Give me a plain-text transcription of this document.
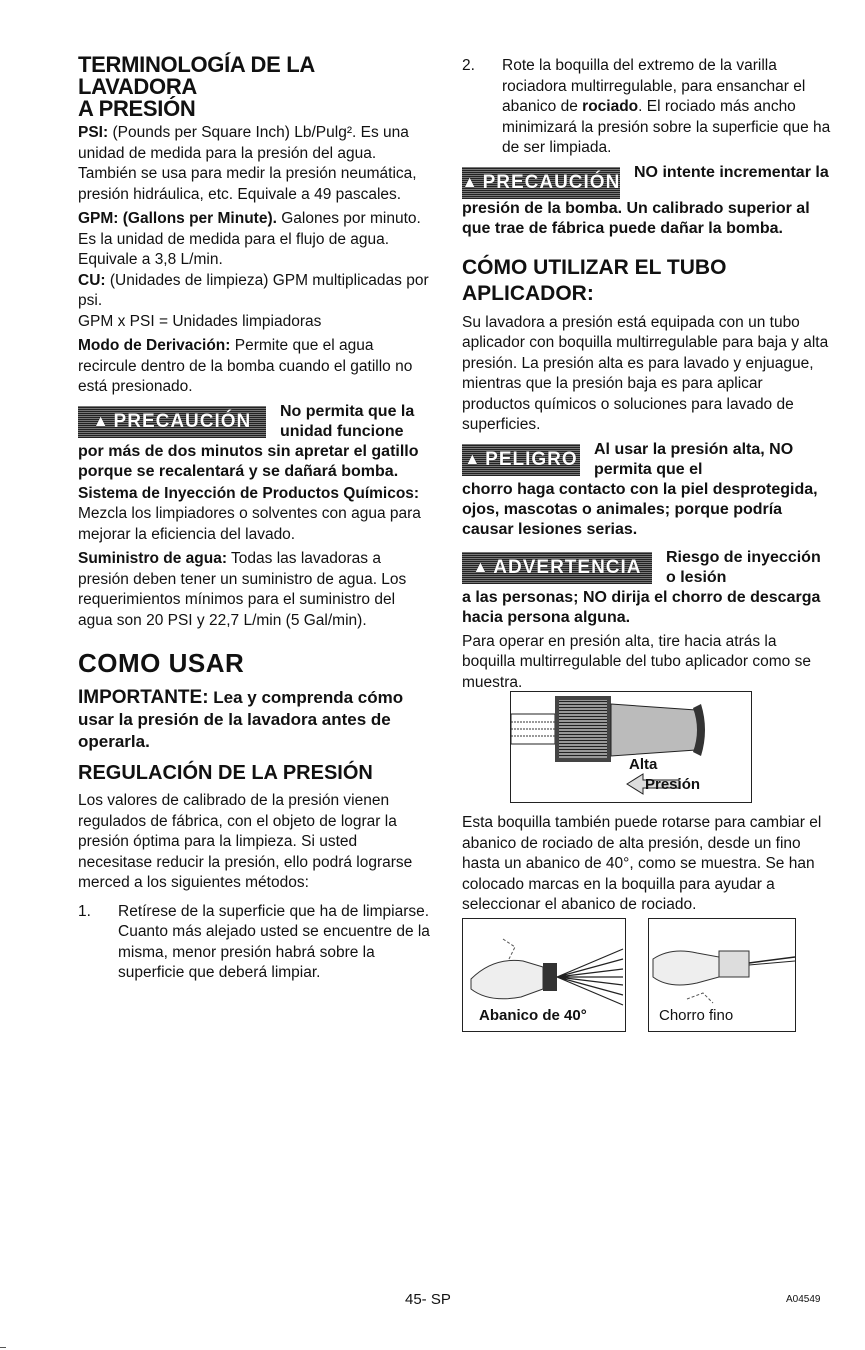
TERMINOLOGÍA DE LA LAVADORA
A PRESIÓN

PSI: (Pounds per Square Inch) Lb/Pulg². Es una unidad de medida para la presión del agua. También se usa para medir la presión neumática, presión hidráulica, etc. Equivale a 49 pascales.

GPM: (Gallons per Minute). Galones por minuto. Es la unidad de medida para el flujo de agua. Equivale a 3,8 L/min.

CU: (Unidades de limpieza) GPM multiplicadas por psi.

GPM x PSI = Unidades limpiadoras

Modo de Derivación: Permite que el agua recircule dentro de la bomba cuando el gatillo no está presionado.

▲ PRECAUCIÓN No permita que la unidad funcione
por más de dos minutos sin apretar el gatillo porque se recalentará y se dañará bomba.

Sistema de Inyección de Productos Químicos: Mezcla los limpiadores o solventes con agua para mejorar la eficiencia del lavado.

Suministro de agua: Todas las lavadoras a presión deben tener un suministro de agua. Los requerimientos mínimos para el suministro del agua son 20 PSI y 22,7 L/min (5 Gal/min).

COMO USAR

IMPORTANTE: Lea y comprenda cómo usar la presión de la lavadora antes de operarla.

REGULACIÓN DE LA PRESIÓN

Los valores de calibrado de la presión vienen regulados de fábrica, con el objeto de lograr la presión óptima para la limpieza. Si usted necesitase reducir la presión, ello podrá lograrse merced a los siguientes métodos:

1.	Retírese de la superficie que ha de limpiarse. Cuanto más alejado usted se encuentre de la misma, menor presión habrá sobre la superficie que deberá limpiar.

2.	Rote la boquilla del extremo de la varilla rociadora multirregulable, para ensanchar el abanico de rociado. El rociado más ancho minimizará la presión sobre la superficie que ha de ser limpiada.

▲ PRECAUCIÓN NO intente incrementar la
presión de la bomba. Un calibrado superior al que trae de fábrica puede dañar la bomba.
CÓMO UTILIZAR EL TUBO APLICADOR:

Su lavadora a presión está equipada con un tubo aplicador con boquilla multirregulable para baja y alta presión. La presión alta es para lavado y enjuague, mientras que la presión baja es para aplicar productos químicos o soluciones para lavado de superficies.

▲ PELIGRO Al usar la presión alta, NO permita que el
chorro haga contacto con la piel desprotegida, ojos, mascotas o animales; porque podría causar lesiones serias.
▲ ADVERTENCIA Riesgo de inyección o lesión
a las personas; NO dirija el chorro de descarga hacia persona alguna.

Para operar en presión alta, tire hacia atrás la boquilla multirregulable del tubo aplicador como se muestra.

Alta
Presión

Esta boquilla también puede rotarse para cambiar el abanico de rociado de alta presión, desde un fino hasta un abanico de 40°, como se muestra. Se han colocado marcas en la boquilla para ayudar a seleccionar el abanico de rociado.

Abanico de 40°	Chorro fino
45- SP	A04549
